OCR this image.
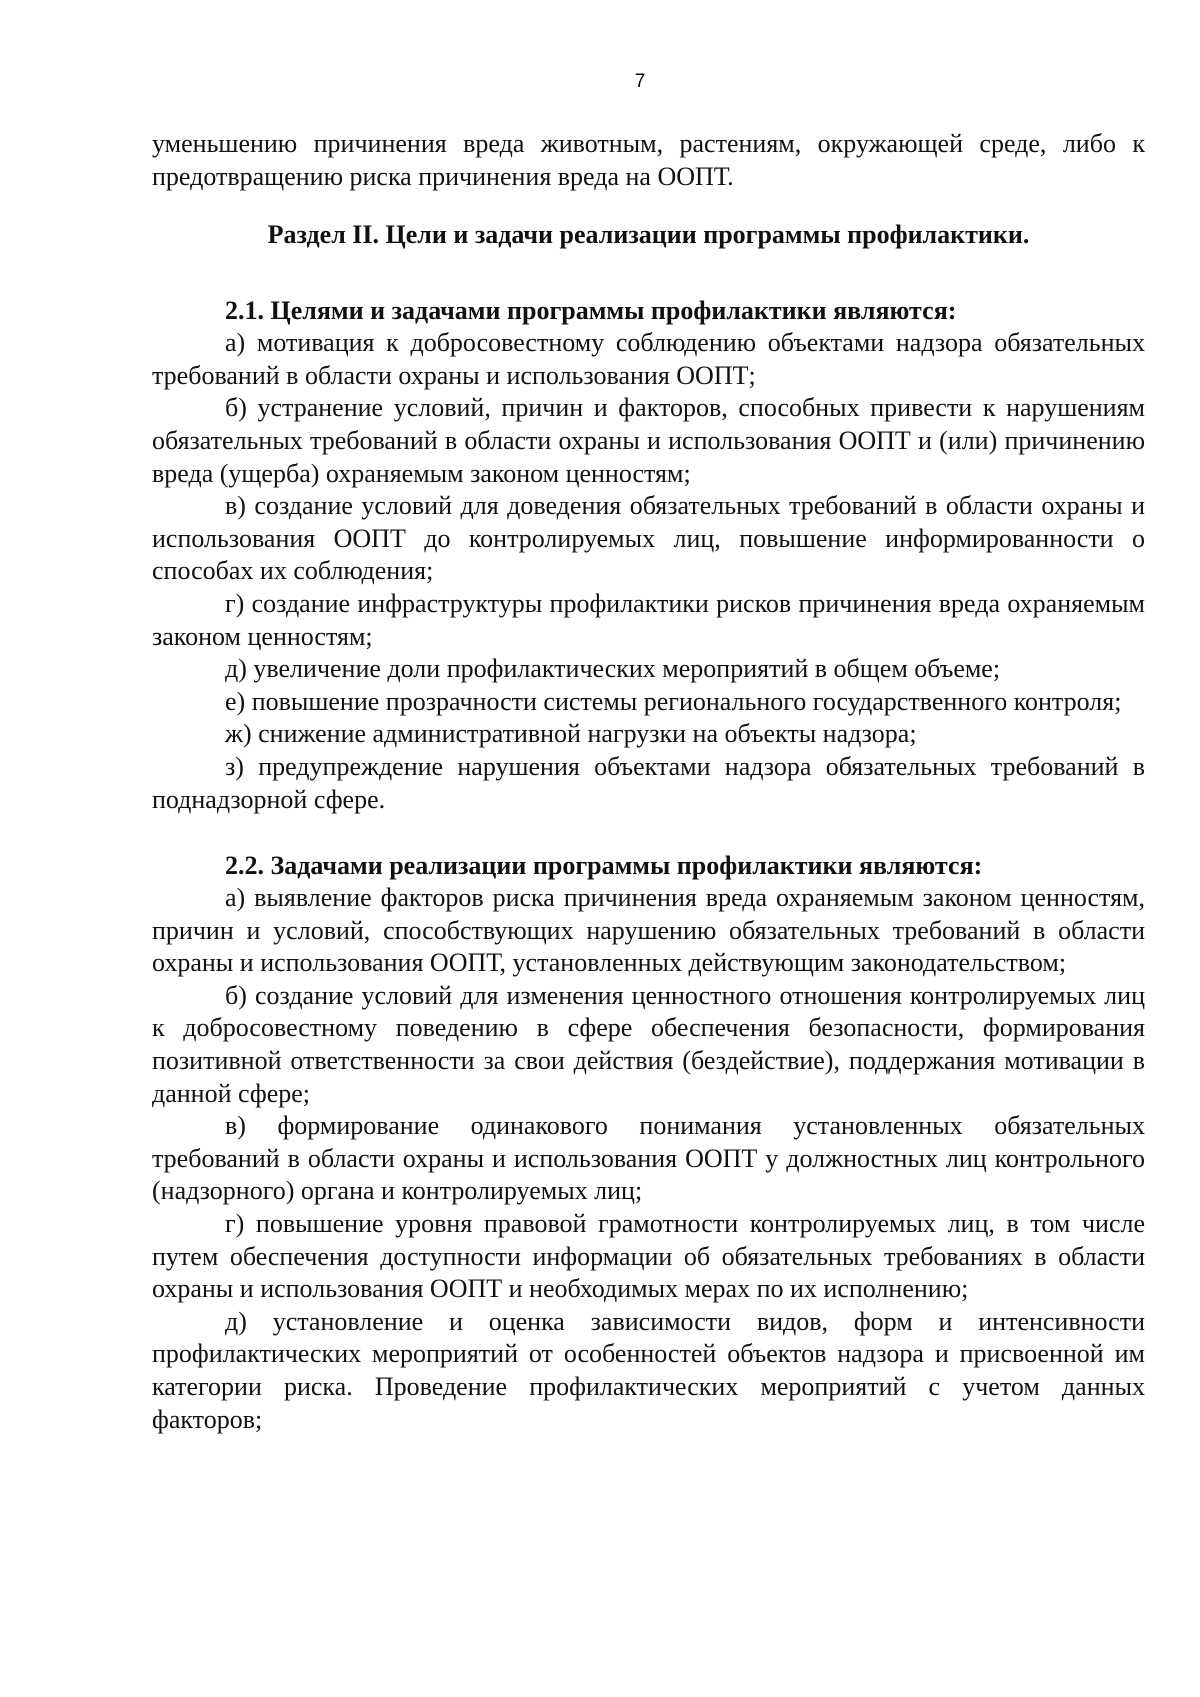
7

уменьшению причинения вреда животным, растениям, окружающей среде, либо к предотвращению риска причинения вреда на ООПТ.

Раздел II. Цели и задачи реализации программы профилактики.

2.1. Целями и задачами программы профилактики являются:

а) мотивация к добросовестному соблюдению объектами надзора обязательных требований в области охраны и использования ООПТ;

б) устранение условий, причин и факторов, способных привести к нарушениям обязательных требований в области охраны и использования ООПТ и (или) причинению вреда (ущерба) охраняемым законом ценностям;

в) создание условий для доведения обязательных требований в области охраны и использования ООПТ до контролируемых лиц, повышение информированности о способах их соблюдения;

г) создание инфраструктуры профилактики рисков причинения вреда охраняемым законом ценностям;

д) увеличение доли профилактических мероприятий в общем объеме;

е) повышение прозрачности системы регионального государственного контроля;

ж) снижение административной нагрузки на объекты надзора;

з) предупреждение нарушения объектами надзора обязательных требований в поднадзорной сфере.

2.2. Задачами реализации программы профилактики являются:

а) выявление факторов риска причинения вреда охраняемым законом ценностям, причин и условий, способствующих нарушению обязательных требований в области охраны и использования ООПТ, установленных действующим законодательством;

б) создание условий для изменения ценностного отношения контролируемых лиц к добросовестному поведению в сфере обеспечения безопасности, формирования позитивной ответственности за свои действия (бездействие), поддержания мотивации в данной сфере;

в) формирование одинакового понимания установленных обязательных требований в области охраны и использования ООПТ у должностных лиц контрольного (надзорного) органа и контролируемых лиц;

г) повышение уровня правовой грамотности контролируемых лиц, в том числе путем обеспечения доступности информации об обязательных требованиях в области охраны и использования ООПТ и необходимых мерах по их исполнению;

д) установление и оценка зависимости видов, форм и интенсивности профилактических мероприятий от особенностей объектов надзора и присвоенной им категории риска. Проведение профилактических мероприятий с учетом данных факторов;
